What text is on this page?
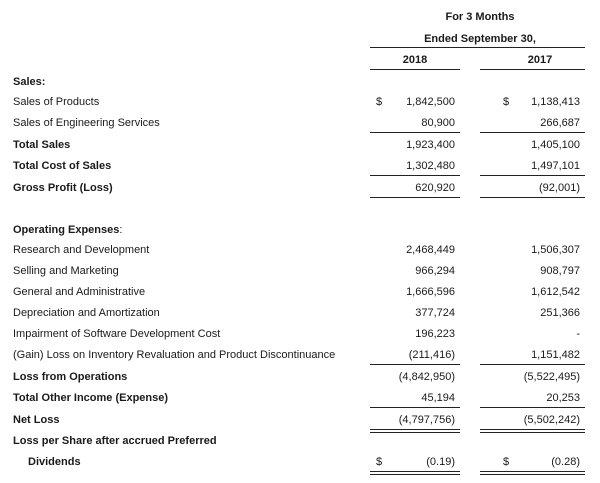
For 3 Months
Ended September 30,
2018	2017
Sales:
Sales of Products	$	1,842,500	$	1,138,413
Sales of Engineering Services	80,900	266,687
Total Sales	1,923,400	1,405,100
Total Cost of Sales	1,302,480	1,497,101
Gross Profit (Loss)	620,920	(92,001)
Operating Expenses:
Research and Development	2,468,449	1,506,307
Selling and Marketing	966,294	908,797
General and Administrative	1,666,596	1,612,542
Depreciation and Amortization	377,724	251,366
Impairment of Software Development Cost	196,223	-
(Gain) Loss on Inventory Revaluation and Product Discontinuance	(211,416)	1,151,482
Loss from Operations	(4,842,950)	(5,522,495)
Total Other Income (Expense)	45,194	20,253
Net Loss	(4,797,756)	(5,502,242)
Loss per Share after accrued Preferred
Dividends	$	(0.19)	$	(0.28)
